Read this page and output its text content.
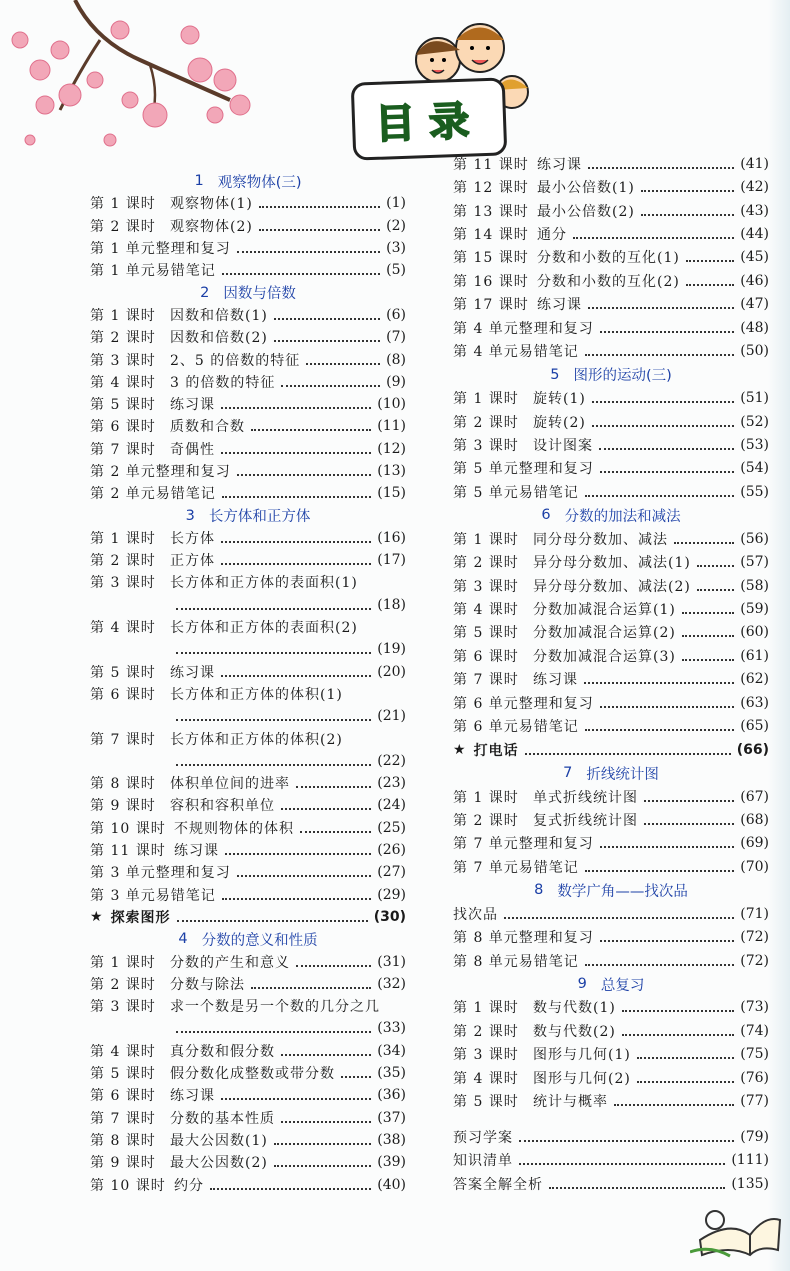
目录
1 观察物体(三)
第 1 课时	观察物体(1)	(1)
第 2 课时	观察物体(2)	(2)
第 1 单元整理和复习	(3)
第 1 单元易错笔记	(5)
2 因数与倍数
第 1 课时	因数和倍数(1)	(6)
第 2 课时	因数和倍数(2)	(7)
第 3 课时	2、5 的倍数的特征	(8)
第 4 课时	3 的倍数的特征	(9)
第 5 课时	练习课	(10)
第 6 课时	质数和合数	(11)
第 7 课时	奇偶性	(12)
第 2 单元整理和复习	(13)
第 2 单元易错笔记	(15)
3 长方体和正方体
第 1 课时	长方体	(16)
第 2 课时	正方体	(17)
第 3 课时	长方体和正方体的表面积(1)
(18)
第 4 课时	长方体和正方体的表面积(2)
(19)
第 5 课时	练习课	(20)
第 6 课时	长方体和正方体的体积(1)
(21)
第 7 课时	长方体和正方体的体积(2)
(22)
第 8 课时	体积单位间的进率	(23)
第 9 课时	容积和容积单位	(24)
第 10 课时 不规则物体的体积	(25)
第 11 课时 练习课	(26)
第 3 单元整理和复习	(27)
第 3 单元易错笔记	(29)
★ 探索图形	(30)
4 分数的意义和性质
第 1 课时	分数的产生和意义	(31)
第 2 课时	分数与除法	(32)
第 3 课时	求一个数是另一个数的几分之几
(33)
第 4 课时	真分数和假分数	(34)
第 5 课时	假分数化成整数或带分数	(35)
第 6 课时	练习课	(36)
第 7 课时	分数的基本性质	(37)
第 8 课时	最大公因数(1)	(38)
第 9 课时	最大公因数(2)	(39)
第 10 课时 约分	(40)
第 11 课时 练习课	(41)
第 12 课时 最小公倍数(1)	(42)
第 13 课时 最小公倍数(2)	(43)
第 14 课时 通分	(44)
第 15 课时 分数和小数的互化(1)	(45)
第 16 课时 分数和小数的互化(2)	(46)
第 17 课时 练习课	(47)
第 4 单元整理和复习	(48)
第 4 单元易错笔记	(50)
5 图形的运动(三)
第 1 课时	旋转(1)	(51)
第 2 课时	旋转(2)	(52)
第 3 课时	设计图案	(53)
第 5 单元整理和复习	(54)
第 5 单元易错笔记	(55)
6 分数的加法和减法
第 1 课时	同分母分数加、减法	(56)
第 2 课时	异分母分数加、减法(1)	(57)
第 3 课时	异分母分数加、减法(2)	(58)
第 4 课时	分数加减混合运算(1)	(59)
第 5 课时	分数加减混合运算(2)	(60)
第 6 课时	分数加减混合运算(3)	(61)
第 7 课时	练习课	(62)
第 6 单元整理和复习	(63)
第 6 单元易错笔记	(65)
★ 打电话	(66)
7 折线统计图
第 1 课时	单式折线统计图	(67)
第 2 课时	复式折线统计图	(68)
第 7 单元整理和复习	(69)
第 7 单元易错笔记	(70)
8 数学广角——找次品
找次品	(71)
第 8 单元整理和复习	(72)
第 8 单元易错笔记	(72)
9 总复习
第 1 课时	数与代数(1)	(73)
第 2 课时	数与代数(2)	(74)
第 3 课时	图形与几何(1)	(75)
第 4 课时	图形与几何(2)	(76)
第 5 课时	统计与概率	(77)
预习学案	(79)
知识清单	(111)
答案全解全析	(135)
